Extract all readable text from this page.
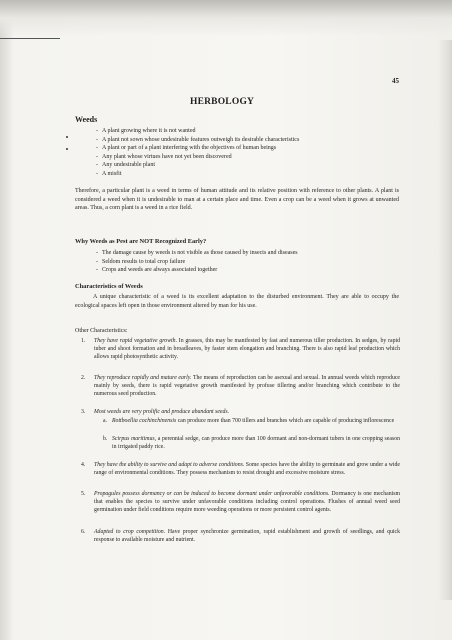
45
HERBOLOGY
Weeds
- A plant growing where it is not wanted
- A plant not sown whose undesirable features outweigh its desirable characteristics
- A plant or part of a plant interfering with the objectives of human beings
- Any plant whose virtues have not yet been discovered
- Any undesirable plant
- A misfit
Therefore, a particular plant is a weed in terms of human attitude and its relative position with reference to other plants. A plant is considered a weed when it is undesirable to man at a certain place and time. Even a crop can be a weed when it grows at unwanted areas. Thus, a corn plant is a weed in a rice field.
Why Weeds as Pest are NOT Recognized Early?
- The damage cause by weeds is not visible as those caused by insects and diseases
- Seldom results to total crop failure
- Crops and weeds are always associated together
Characteristics of Weeds
A unique characteristic of a weed is its excellent adaptation to the disturbed environment. They are able to occupy the ecological spaces left open in those environment altered by man for his use.
Other Characteristics:
1. They have rapid vegetative growth. In grasses, this may be manifested by fast and numerous tiller production. In sedges, by rapid tuber and shoot formation and in broadleaves, by faster stem elongation and branching. There is also rapid leaf production which allows rapid photosynthetic activity.
2. They reproduce rapidly and mature early. The means of reproduction can be asexual and sexual. In annual weeds which reproduce mainly by seeds, there is rapid vegetative growth manifested by profuse tillering and/or branching which contribute to the numerous seed production.
3. Most weeds are very prolific and produce abundant seeds.
a. Rottboellia cochinchinensis can produce more than 700 tillers and branches which are capable of producing inflorescence
b. Scirpus maritimus, a perennial sedge, can produce more than 100 dormant and non-dormant tubers in one cropping season in irrigated paddy rice.
4. They have the ability to survive and adapt to adverse conditions. Some species have the ability to germinate and grow under a wide range of environmental conditions. They possess mechanism to resist drought and excessive moisture stress.
5. Propagules possess dormancy or can be induced to become dormant under unfavorable conditions. Dormancy is one mechanism that enables the species to survive under unfavorable conditions including control operations. Flushes of annual weed seed germination under field conditions require more weeding operations or more persistent control agents.
6. Adapted to crop competition. Have proper synchronize germination, rapid establishment and growth of seedlings, and quick response to available moisture and nutrient.
